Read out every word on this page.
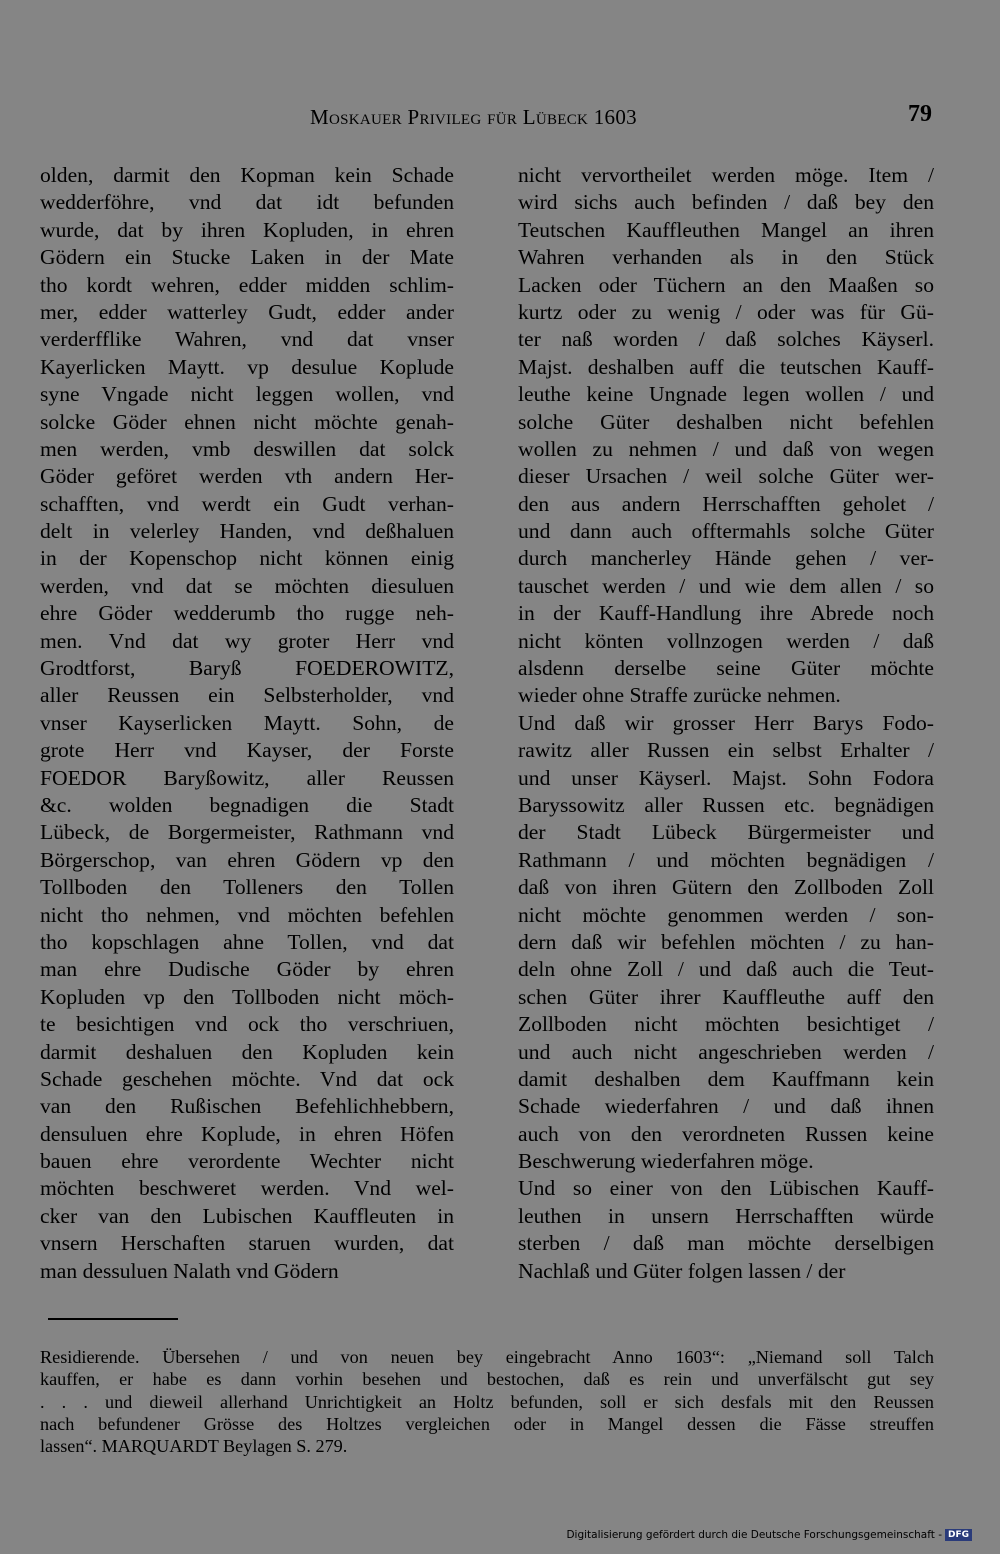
Moskauer Privileg für Lübeck 1603	79
olden, darmit den Kopman kein Schade
wedderföhre, vnd dat idt befunden
wurde, dat by ihren Kopluden, in ehren
Gödern ein Stucke Laken in der Mate
tho kordt wehren, edder midden schlim-
mer, edder watterley Gudt, edder ander
verderfflike Wahren, vnd dat vnser
Kayerlicken Maytt. vp desulue Koplude
syne Vngade nicht leggen wollen, vnd
solcke Göder ehnen nicht möchte genah-
men werden, vmb deswillen dat solck
Göder geföret werden vth andern Her-
schafften, vnd werdt ein Gudt verhan-
delt in velerley Handen, vnd deßhaluen
in der Kopenschop nicht können einig
werden, vnd dat se möchten diesuluen
ehre Göder wedderumb tho rugge neh-
men. Vnd dat wy groter Herr vnd
Grodtforst, Baryß FOEDEROWITZ,
aller Reussen ein Selbsterholder, vnd
vnser Kayserlicken Maytt. Sohn, de
grote Herr vnd Kayser, der Forste
FOEDOR Baryßowitz, aller Reussen
&c. wolden begnadigen die Stadt
Lübeck, de Borgermeister, Rathmann vnd
Börgerschop, van ehren Gödern vp den
Tollboden den Tolleners den Tollen
nicht tho nehmen, vnd möchten befehlen
tho kopschlagen ahne Tollen, vnd dat
man ehre Dudische Göder by ehren
Kopluden vp den Tollboden nicht möch-
te besichtigen vnd ock tho verschriuen,
darmit deshaluen den Kopluden kein
Schade geschehen möchte. Vnd dat ock
van den Rußischen Befehlichhebbern,
densuluen ehre Koplude, in ehren Höfen
bauen ehre verordente Wechter nicht
möchten beschweret werden. Vnd wel-
cker van den Lubischen Kauffleuten in
vnsern Herschaften staruen wurden, dat
man dessuluen Nalath vnd Gödern
nicht vervortheilet werden möge. Item /
wird sichs auch befinden / daß bey den
Teutschen Kauffleuthen Mangel an ihren
Wahren verhanden als in den Stück
Lacken oder Tüchern an den Maaßen so
kurtz oder zu wenig / oder was für Gü-
ter naß worden / daß solches Käyserl.
Majst. deshalben auff die teutschen Kauff-
leuthe keine Ungnade legen wollen / und
solche Güter deshalben nicht befehlen
wollen zu nehmen / und daß von wegen
dieser Ursachen / weil solche Güter wer-
den aus andern Herrschafften geholet /
und dann auch offtermahls solche Güter
durch mancherley Hände gehen / ver-
tauschet werden / und wie dem allen / so
in der Kauff-Handlung ihre Abrede noch
nicht könten vollnzogen werden / daß
alsdenn derselbe seine Güter möchte
wieder ohne Straffe zurücke nehmen.
Und daß wir grosser Herr Barys Fodo-
rawitz aller Russen ein selbst Erhalter /
und unser Käyserl. Majst. Sohn Fodora
Baryssowitz aller Russen etc. begnädigen
der Stadt Lübeck Bürgermeister und
Rathmann / und möchten begnädigen /
daß von ihren Gütern den Zollboden Zoll
nicht möchte genommen werden / son-
dern daß wir befehlen möchten / zu han-
deln ohne Zoll / und daß auch die Teut-
schen Güter ihrer Kauffleuthe auff den
Zollboden nicht möchten besichtiget /
und auch nicht angeschrieben werden /
damit deshalben dem Kauffmann kein
Schade wiederfahren / und daß ihnen
auch von den verordneten Russen keine
Beschwerung wiederfahren möge.
Und so einer von den Lübischen Kauff-
leuthen in unsern Herrschafften würde
sterben / daß man möchte derselbigen
Nachlaß und Güter folgen lassen / der
Residierende. Übersehen / und von neuen bey eingebracht Anno 1603“: „Niemand soll Talch
kauffen, er habe es dann vorhin besehen und bestochen, daß es rein und unverfälscht gut sey
. . . und dieweil allerhand Unrichtigkeit an Holtz befunden, soll er sich desfals mit den Reussen
nach befundener Grösse des Holtzes vergleichen oder in Mangel dessen die Fässe streuffen
lassen“. MARQUARDT Beylagen S. 279.
Digitalisierung gefördert durch die Deutsche Forschungsgemeinschaft - DFG
